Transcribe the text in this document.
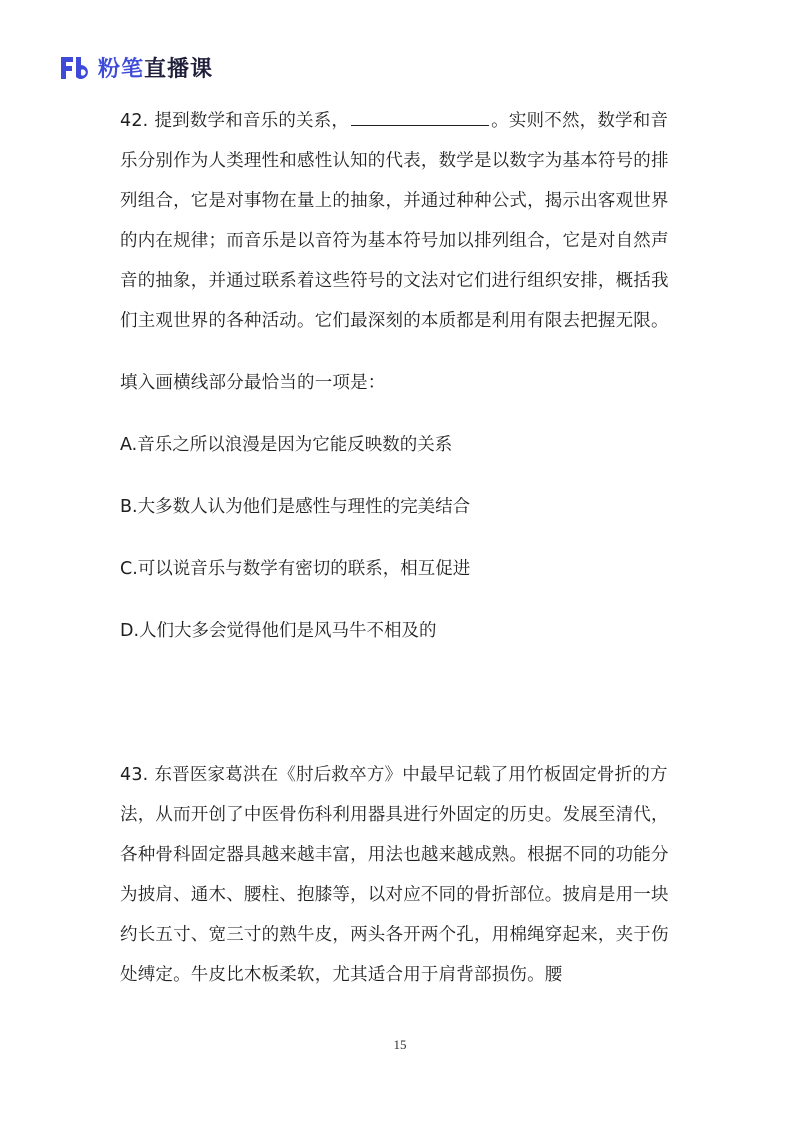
粉笔直播课

42. 提到数学和音乐的关系，	。实则不然，数学和音乐分别作为人类理性和感性认知的代表，数学是以数字为基本符号的排列组合，它是对事物在量上的抽象，并通过种种公式，揭示出客观世界的内在规律；而音乐是以音符为基本符号加以排列组合，它是对自然声音的抽象，并通过联系着这些符号的文法对它们进行组织安排，概括我们主观世界的各种活动。它们最深刻的本质都是利用有限去把握无限。

填入画横线部分最恰当的一项是：

A.音乐之所以浪漫是因为它能反映数的关系

B.大多数人认为他们是感性与理性的完美结合

C.可以说音乐与数学有密切的联系，相互促进

D.人们大多会觉得他们是风马牛不相及的

43. 东晋医家葛洪在《肘后救卒方》中最早记载了用竹板固定骨折的方法，从而开创了中医骨伤科利用器具进行外固定的历史。发展至清代，各种骨科固定器具越来越丰富，用法也越来越成熟。根据不同的功能分为披肩、通木、腰柱、抱膝等，以对应不同的骨折部位。披肩是用一块约长五寸、宽三寸的熟牛皮，两头各开两个孔，用棉绳穿起来，夹于伤处缚定。牛皮比木板柔软，尤其适合用于肩背部损伤。腰

15
